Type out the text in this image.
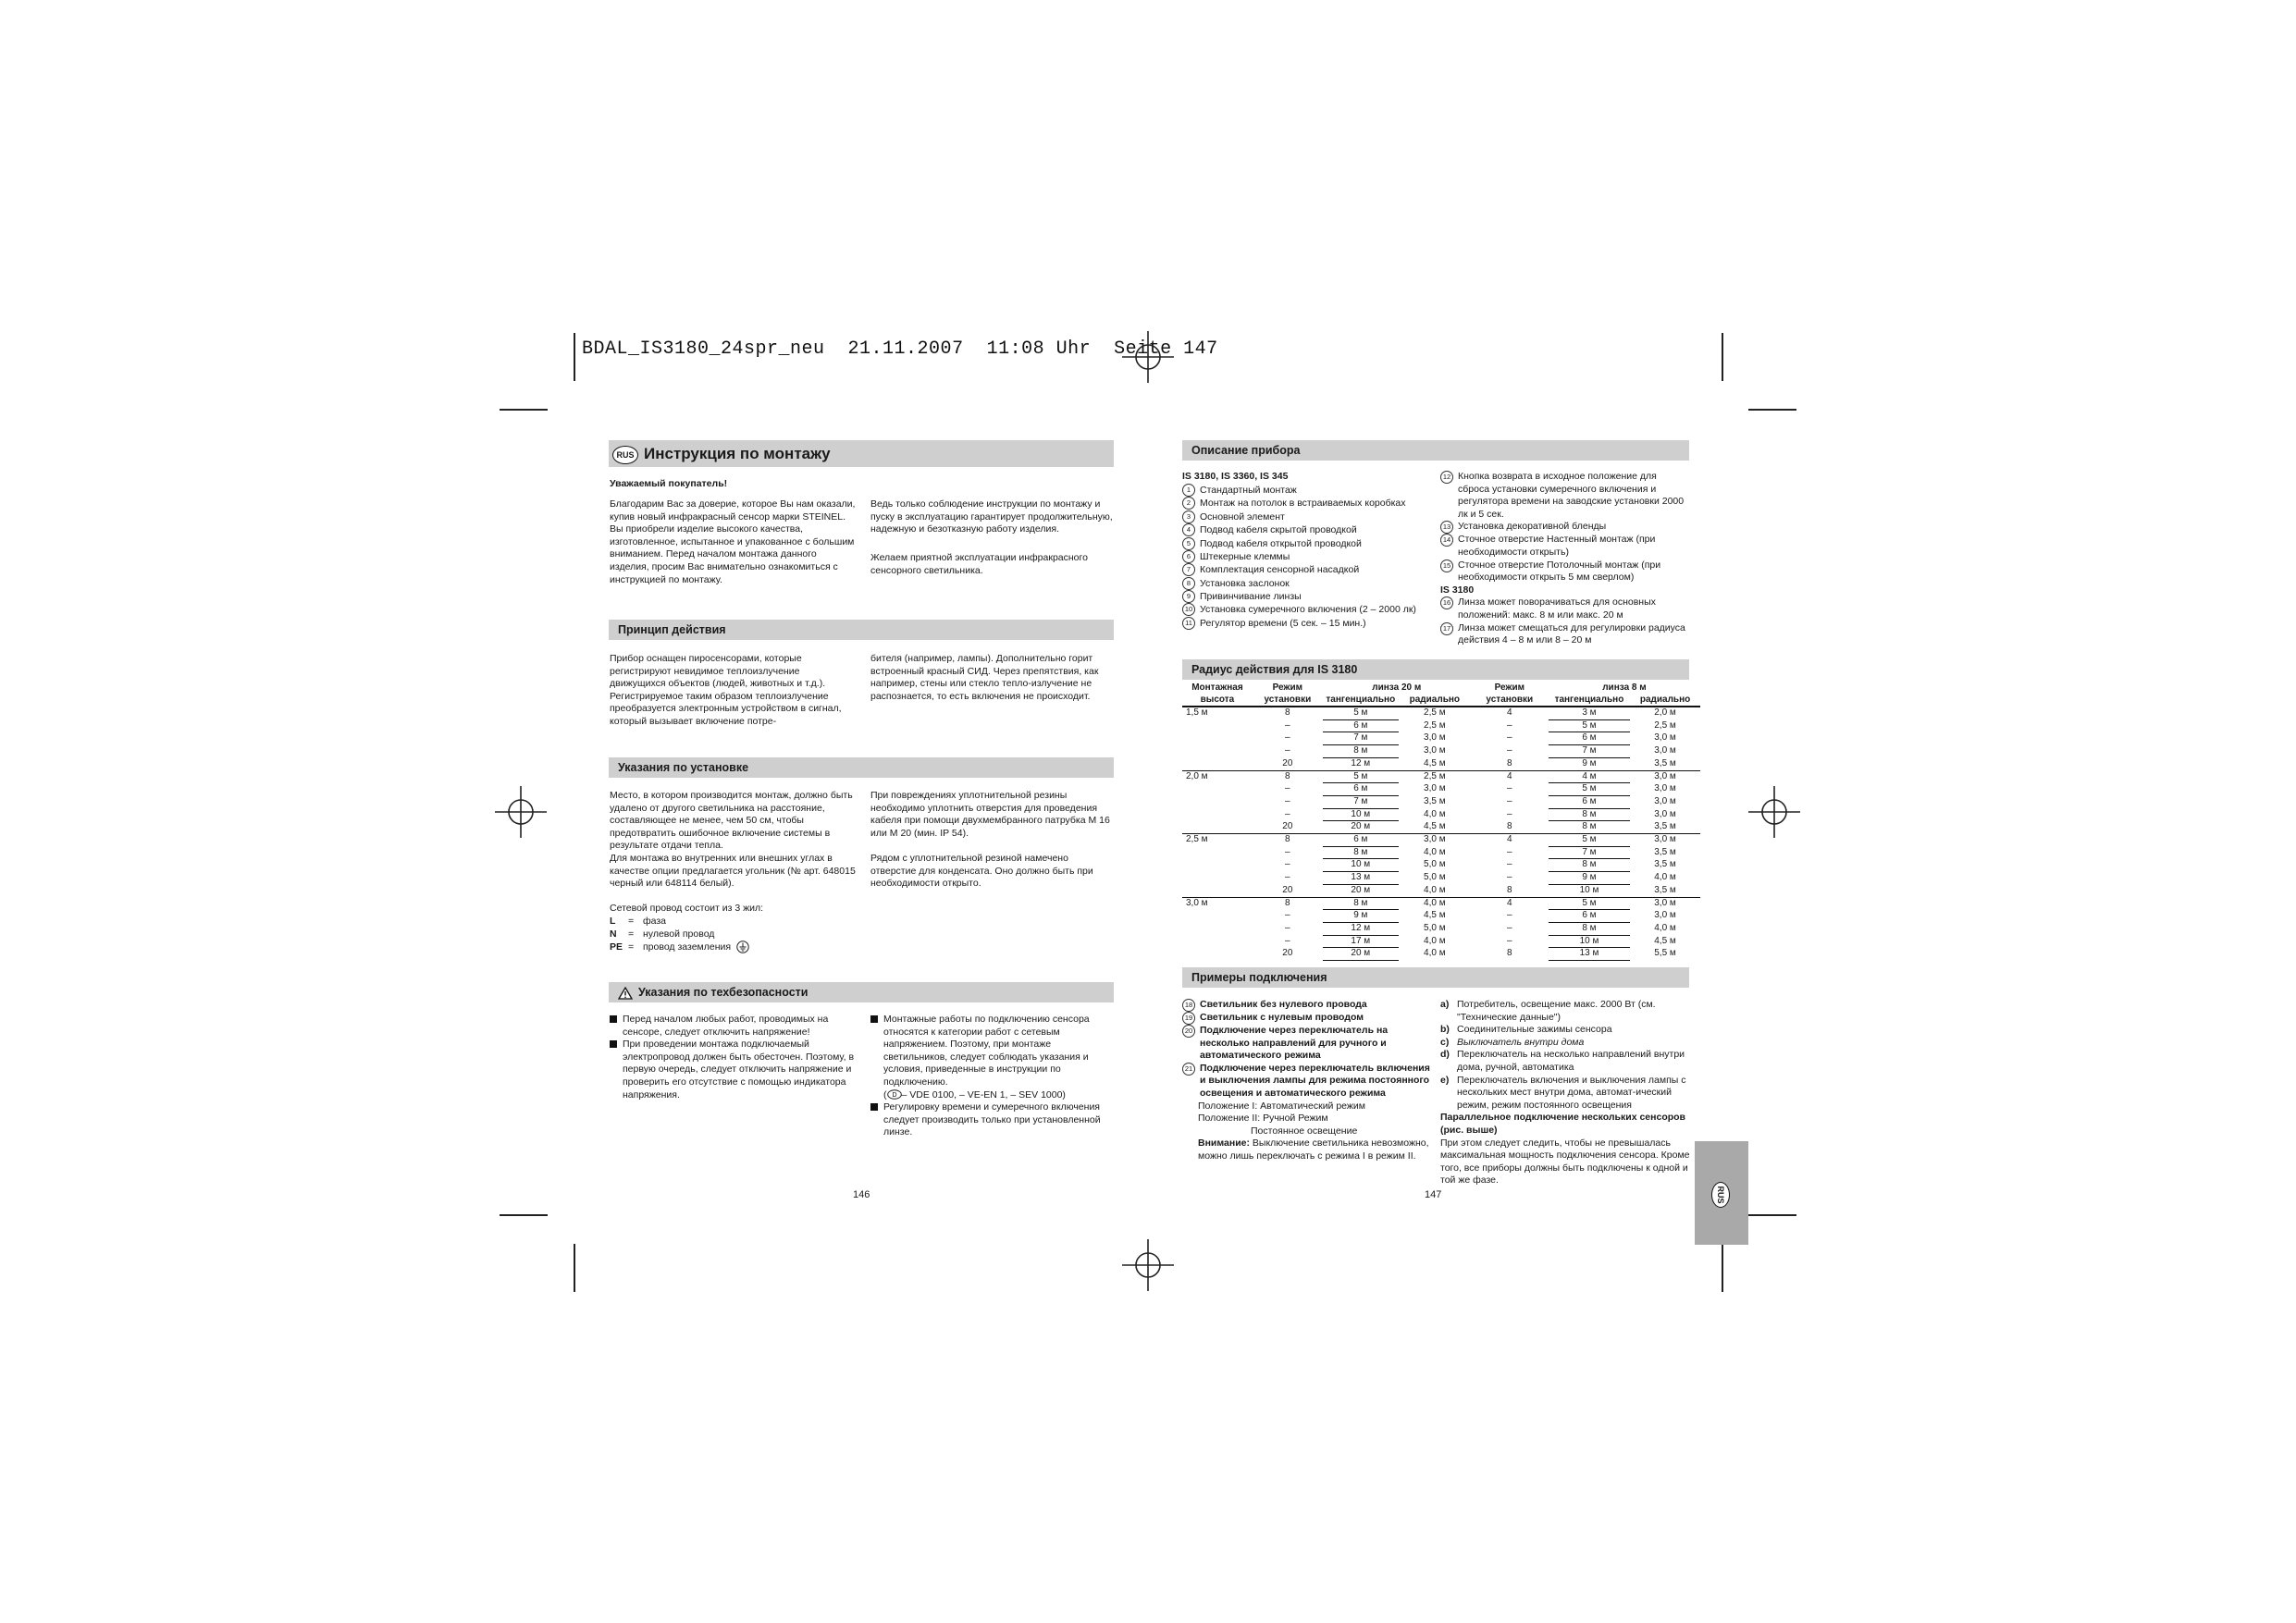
BDAL_IS3180_24spr_neu  21.11.2007  11:08 Uhr  Seite 147
RUS Инструкция по монтажу
Уважаемый покупатель!

Благодарим Вас за доверие, которое Вы нам оказали, купив новый инфракрасный сенсор марки STEINEL. Вы приобрели изделие высокого качества, изготовленное, испытанное и упакованное с большим вниманием. Перед началом монтажа данного изделия, просим Вас внимательно ознакомиться с инструкцией по монтажу.

Ведь только соблюдение инструкции по монтажу и пуску в эксплуатацию гарантирует продолжительную, надежную и безотказную работу изделия.

Желаем приятной эксплуатации инфракрасного сенсорного светильника.

Принцип действия

Прибор оснащен пиросенсорами, которые регистрируют невидимое теплоизлучение движущихся объектов (людей, животных и т.д.). Регистрируемое таким образом теплоизлучение преобразуется электронным устройством в сигнал, который вызывает включение потре-

бителя (например, лампы). Дополнительно горит встроенный красный СИД. Через препятствия, как например, стены или стекло тепло-излучение не распознается, то есть включения не происходит.

Указания по установке

Место, в котором производится монтаж, должно быть удалено от другого светильника на расстояние, составляющее не менее, чем 50 см, чтобы предотвратить ошибочное включение системы в результате отдачи тепла.

Для монтажа во внутренних или внешних углах в качестве опции предлагается угольник (№ арт. 648015 черный или 648114 белый).

Сетевой провод состоит из 3 жил:

L = фаза
N = нулевой провод
PE = провод заземления

При повреждениях уплотнительной резины необходимо уплотнить отверстия для проведения кабеля при помощи двухмембранного патрубка М 16 или М 20 (мин. IP 54).

Рядом с уплотнительной резиной намечено отверстие для конденсата. Оно должно быть при необходимости открыто.

Указания по техбезопасности
Перед началом любых работ, проводимых на сенсоре, следует отключить напряжение!
При проведении монтажа подключаемый электропровод должен быть обесточен. Поэтому, в первую очередь, следует отключить напряжение и проверить его отсутствие с помощью индикатора напряжения.
Монтажные работы по подключению сенсора относятся к категории работ с сетевым напряжением. Поэтому, при монтаже светильников, следует соблюдать указания и условия, приведенные в инструкции по подключению.
( D – VDE 0100, – VE-EN 1, – SEV 1000)
Регулировку времени и сумеречного включения следует производить только при установленной линзе.
146
Описание прибора
IS 3180, IS 3360, IS 345
1 Стандартный монтаж
2 Монтаж на потолок в встраиваемых коробках
3 Основной элемент
4 Подвод кабеля скрытой проводкой
5 Подвод кабеля открытой проводкой
6 Штекерные клеммы
7 Комплектация сенсорной насадкой
8 Установка заслонок
9 Привинчивание линзы
10 Установка сумеречного включения (2 – 2000 лк)
11 Регулятор времени (5 сек. – 15 мин.)
12 Кнопка возврата в исходное положение для сброса установки сумеречного включения и регулятора времени на заводские установки 2000 лк и 5 сек.
13 Установка декоративной бленды
14 Сточное отверстие Настенный монтаж (при необходимости открыть)
15 Сточное отверстие Потолочный монтаж (при необходимости открыть 5 мм сверлом)
IS 3180
16 Линза может поворачиваться для основных положений: макс. 8 м или макс. 20 м
17 Линза может смещаться для регулировки радиуса действия 4 – 8 м или 8 – 20 м
Радиус действия для IS 3180
Монтажная высота	Режим установки	линза 20 м		Режим установки	линза 8 м	
		тангенциально	радиально		тангенциально	радиально
1,5 м	8	5 м	2,5 м	4	3 м	2,0 м
	–	6 м	2,5 м	–	5 м	2,5 м
	–	7 м	3,0 м	–	6 м	3,0 м
	–	8 м	3,0 м	–	7 м	3,0 м
	20	12 м	4,5 м	8	9 м	3,5 м
2,0 м	8	5 м	2,5 м	4	4 м	3,0 м
	–	6 м	3,0 м	–	5 м	3,0 м
	–	7 м	3,5 м	–	6 м	3,0 м
	–	10 м	4,0 м	–	8 м	3,0 м
	20	20 м	4,5 м	8	8 м	3,5 м
2,5 м	8	6 м	3,0 м	4	5 м	3,0 м
	–	8 м	4,0 м	–	7 м	3,5 м
	–	10 м	5,0 м	–	8 м	3,5 м
	–	13 м	5,0 м	–	9 м	4,0 м
	20	20 м	4,0 м	8	10 м	3,5 м
3,0 м	8	8 м	4,0 м	4	5 м	3,0 м
	–	9 м	4,5 м	–	6 м	3,0 м
	–	12 м	5,0 м	–	8 м	4,0 м
	–	17 м	4,0 м	–	10 м	4,5 м
	20	20 м	4,0 м	8	13 м	5,5 м
Примеры подключения
18 Светильник без нулевого провода
19 Светильник с нулевым проводом
20 Подключение через переключатель на несколько направлений для ручного и автоматического режима
21 Подключение через переключатель включения и выключения лампы для режима постоянного освещения и автоматического режима
Положение I: Автоматический режим
Положение II: Ручной Режим
Постоянное освещение
Внимание: Выключение светильника невозможно, можно лишь переключать с режима I в режим II.
a) Потребитель, освещение макс. 2000 Вт (см. "Технические данные")
b) Соединительные зажимы сенсора
c) Выключатель внутри дома
d) Переключатель на несколько направлений внутри дома, ручной, автоматика
e) Переключатель включения и выключения лампы с нескольких мест внутри дома, автомат-ический режим, режим постоянного освещения
Параллельное подключение нескольких сенсоров (рис. выше)
При этом следует следить, чтобы не превышалась максимальная мощность подключения сенсора. Кроме того, все приборы должны быть подключены к одной и той же фазе.
147	RUS
